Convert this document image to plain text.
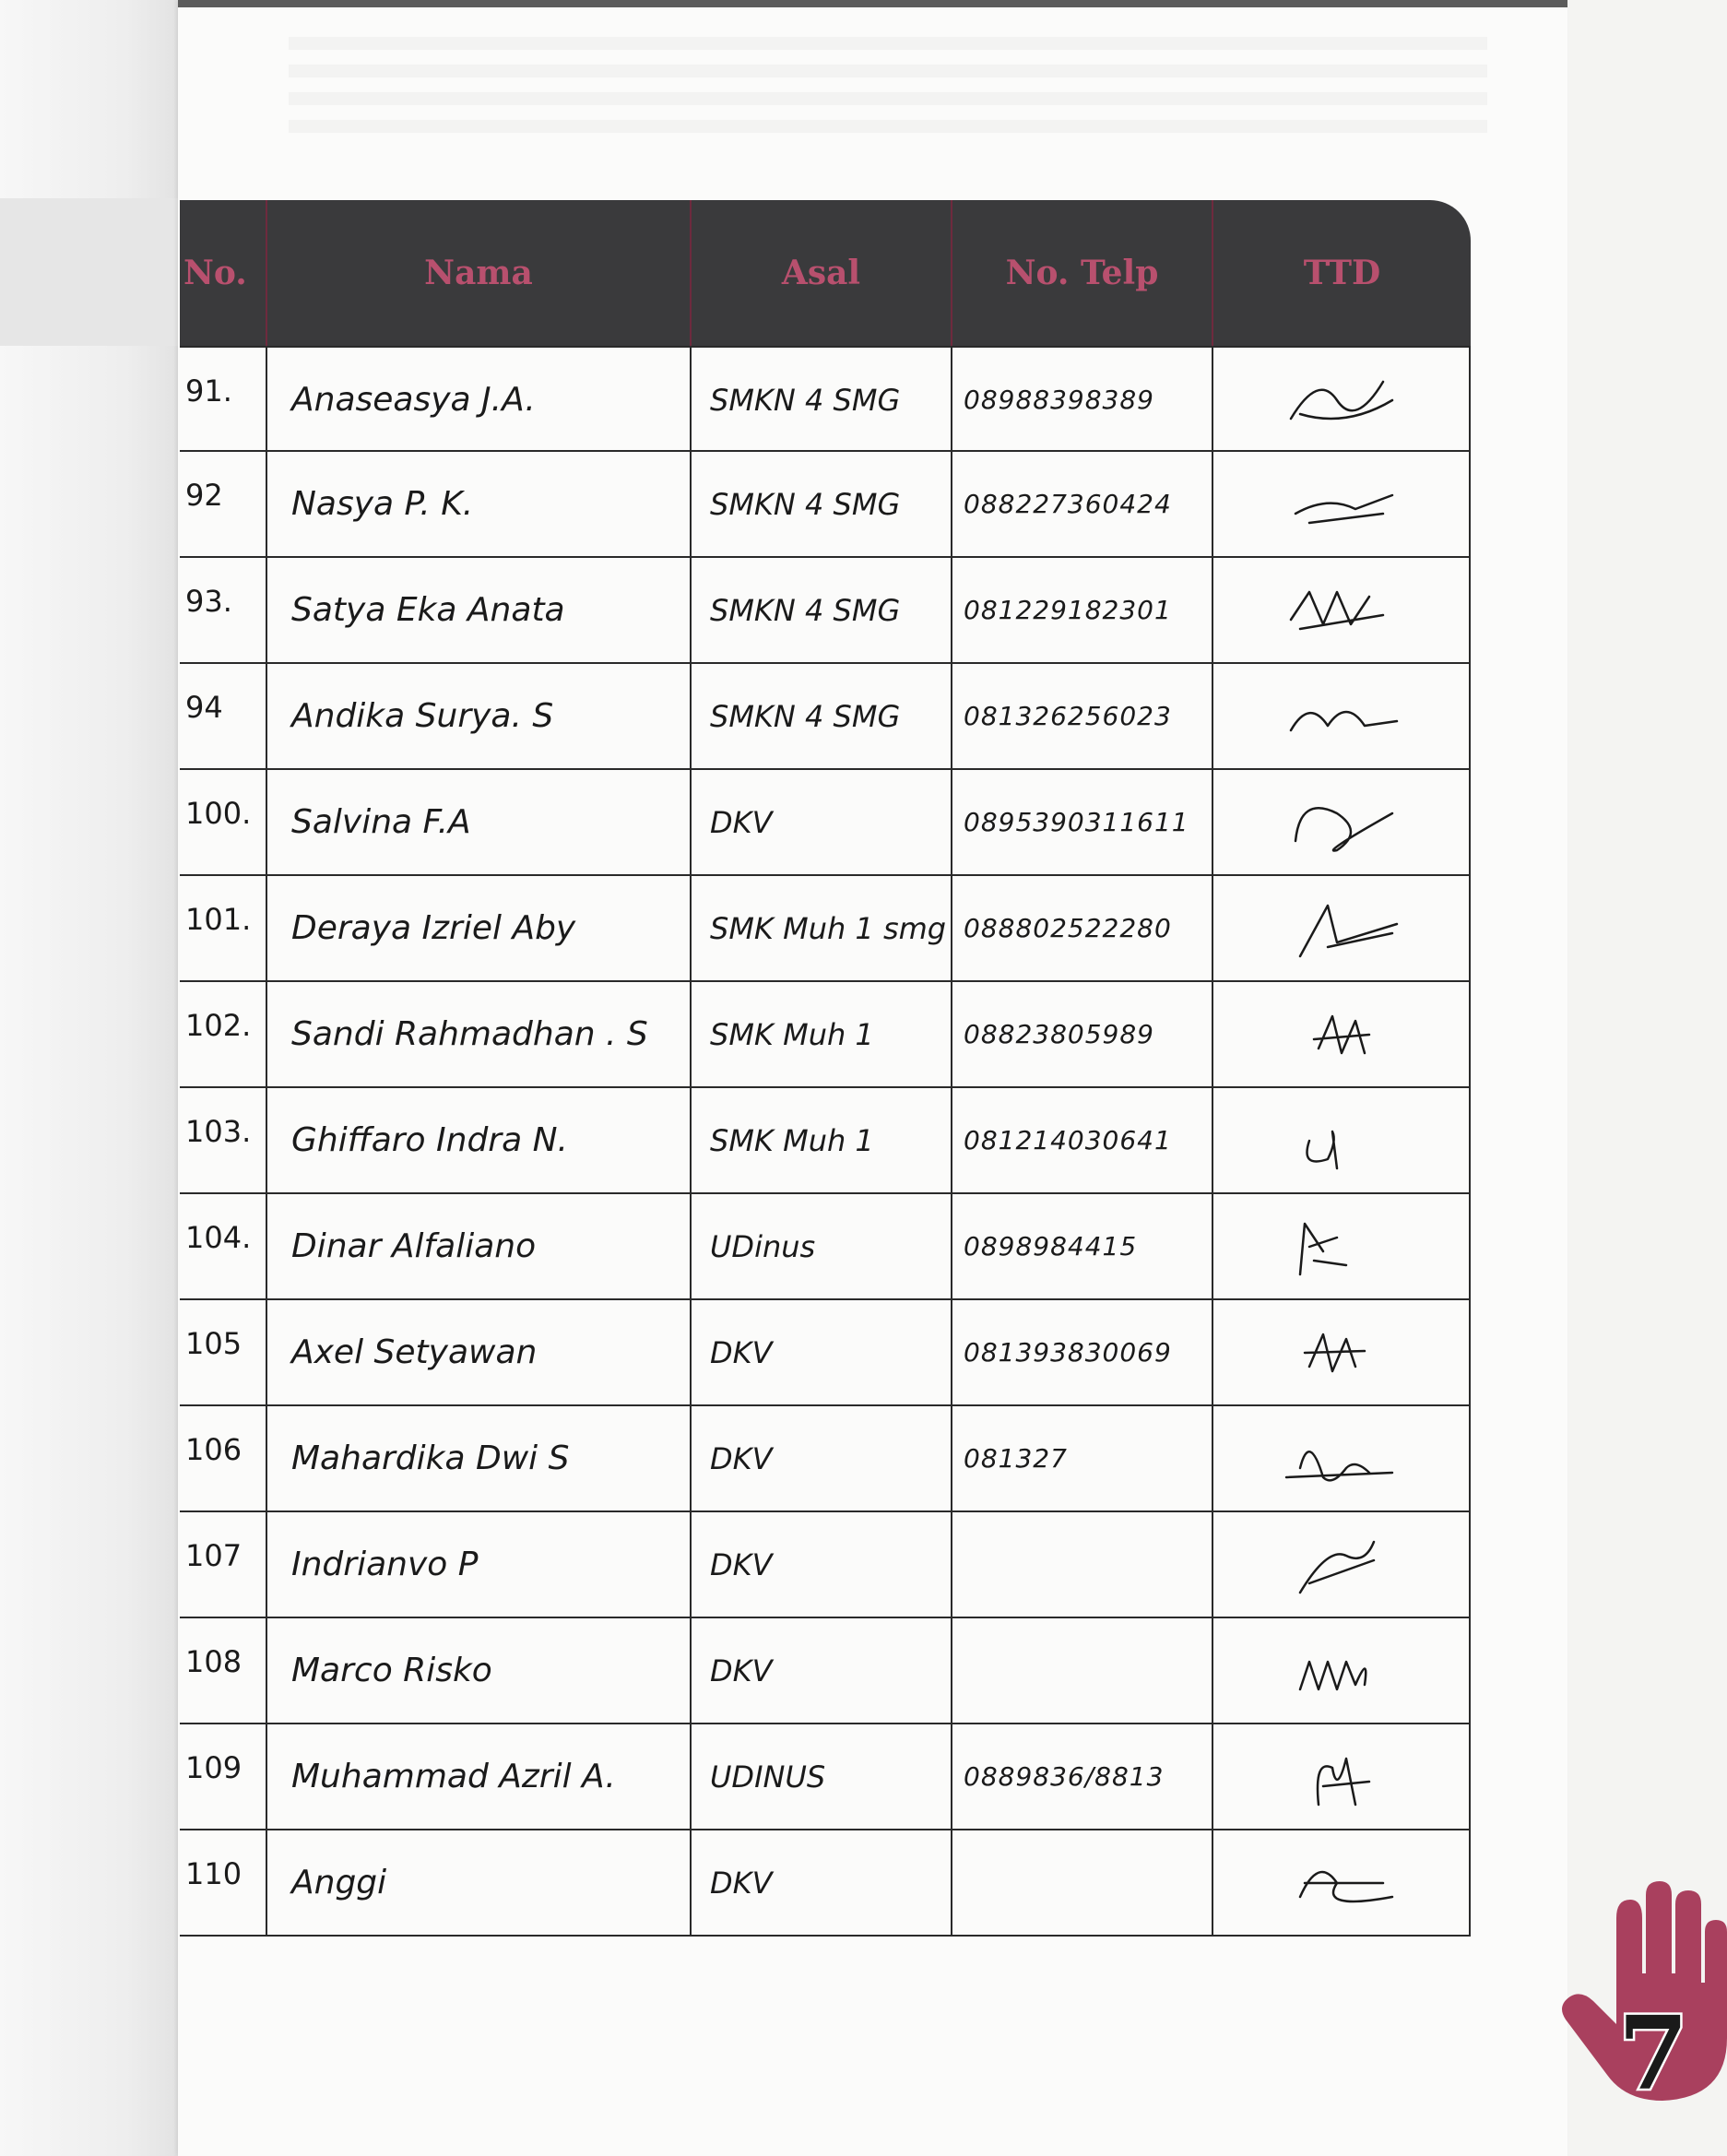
No.	Nama	Asal	No. Telp	TTD
91.	Anaseasya J.A.	SMKN 4 SMG	08988398389
92	Nasya P. K.	SMKN 4 SMG	088227360424
93.	Satya Eka Anata	SMKN 4 SMG	081229182301
94	Andika Surya. S	SMKN 4 SMG	081326256023
100.	Salvina F.A	DKV	0895390311611
101.	Deraya Izriel Aby	SMK Muh 1 smg 088802522280
102.	Sandi Rahmadhan . S	SMK Muh 1	08823805989
103.	Ghiffaro Indra N.	SMK Muh 1	081214030641
104.	Dinar Alfaliano	UDinus	0898984415
105	Axel Setyawan	DKV	081393830069
106	Mahardika Dwi S	DKV	081327
107	Indrianvo P	DKV
108	Marco Risko	DKV
109	Muhammad Azril A.	UDINUS	0889836/8813
110	Anggi	DKV
7
